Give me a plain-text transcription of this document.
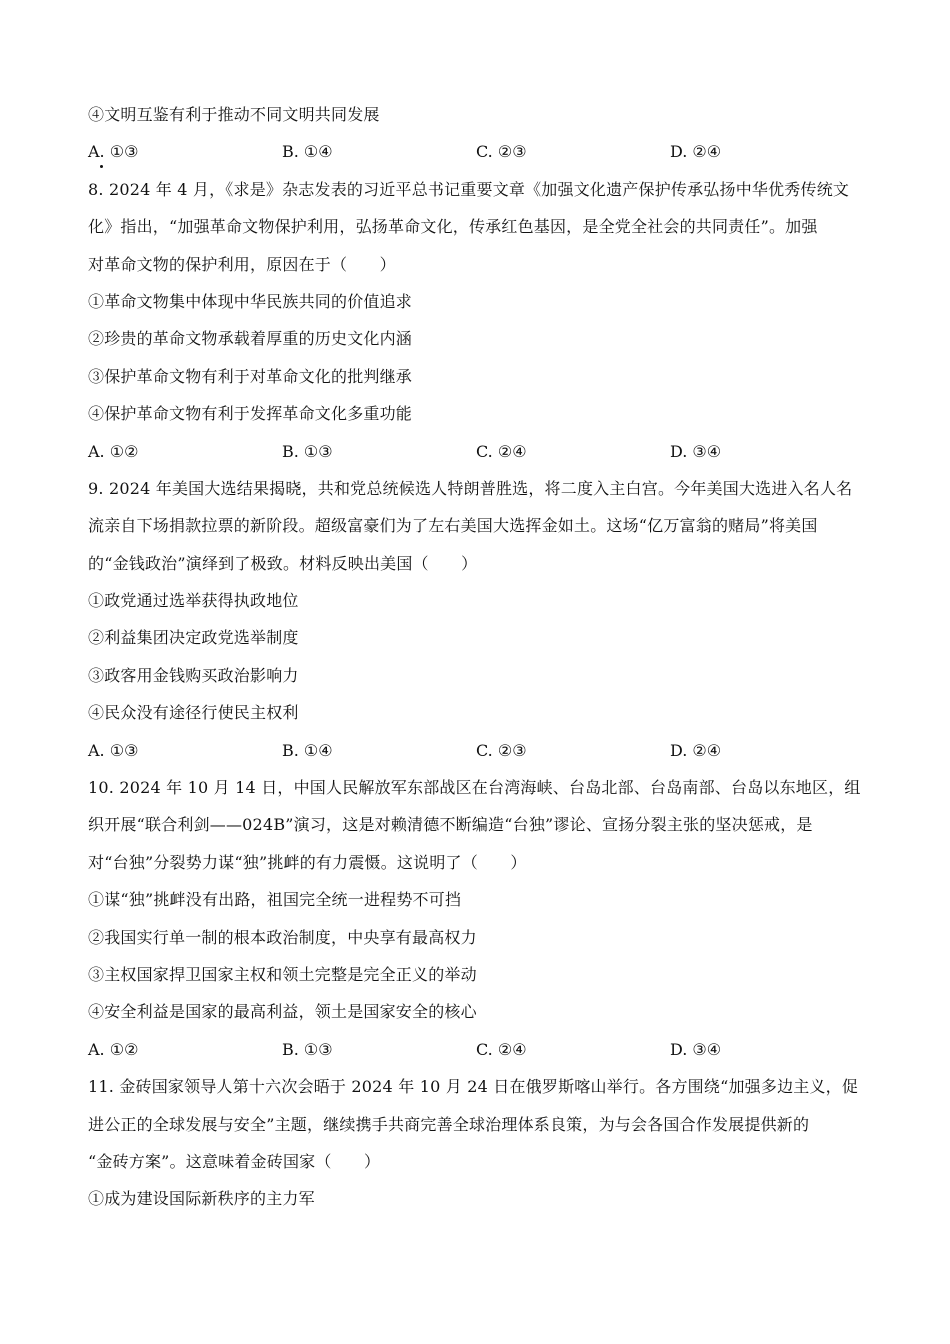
④文明互鉴有利于推动不同文明共同发展
A. ①③	B. ①④	C. ②③	D. ②④
8. 2024 年 4 月，《求是》杂志发表的习近平总书记重要文章《加强文化遗产保护传承弘扬中华优秀传统文
化》指出，“加强革命文物保护利用，弘扬革命文化，传承红色基因，是全党全社会的共同责任”。加强
对革命文物的保护利用，原因在于（　　）
①革命文物集中体现中华民族共同的价值追求
②珍贵的革命文物承载着厚重的历史文化内涵
③保护革命文物有利于对革命文化的批判继承
④保护革命文物有利于发挥革命文化多重功能
A. ①②	B. ①③	C. ②④	D. ③④
9. 2024 年美国大选结果揭晓，共和党总统候选人特朗普胜选，将二度入主白宫。今年美国大选进入名人名
流亲自下场捐款拉票的新阶段。超级富豪们为了左右美国大选挥金如土。这场“亿万富翁的赌局”将美国
的“金钱政治”演绎到了极致。材料反映出美国（　　）
①政党通过选举获得执政地位
②利益集团决定政党选举制度
③政客用金钱购买政治影响力
④民众没有途径行使民主权利
A. ①③	B. ①④	C. ②③	D. ②④
10. 2024 年 10 月 14 日，中国人民解放军东部战区在台湾海峡、台岛北部、台岛南部、台岛以东地区，组
织开展“联合利剑——024B”演习，这是对赖清德不断编造“台独”谬论、宣扬分裂主张的坚决惩戒，是
对“台独”分裂势力谋“独”挑衅的有力震慑。这说明了（　　）
①谋“独”挑衅没有出路，祖国完全统一进程势不可挡
②我国实行单一制的根本政治制度，中央享有最高权力
③主权国家捍卫国家主权和领土完整是完全正义的举动
④安全利益是国家的最高利益，领土是国家安全的核心
A. ①②	B. ①③	C. ②④	D. ③④
11. 金砖国家领导人第十六次会晤于 2024 年 10 月 24 日在俄罗斯喀山举行。各方围绕“加强多边主义，促
进公正的全球发展与安全”主题，继续携手共商完善全球治理体系良策，为与会各国合作发展提供新的
“金砖方案”。这意味着金砖国家（　　）
①成为建设国际新秩序的主力军
